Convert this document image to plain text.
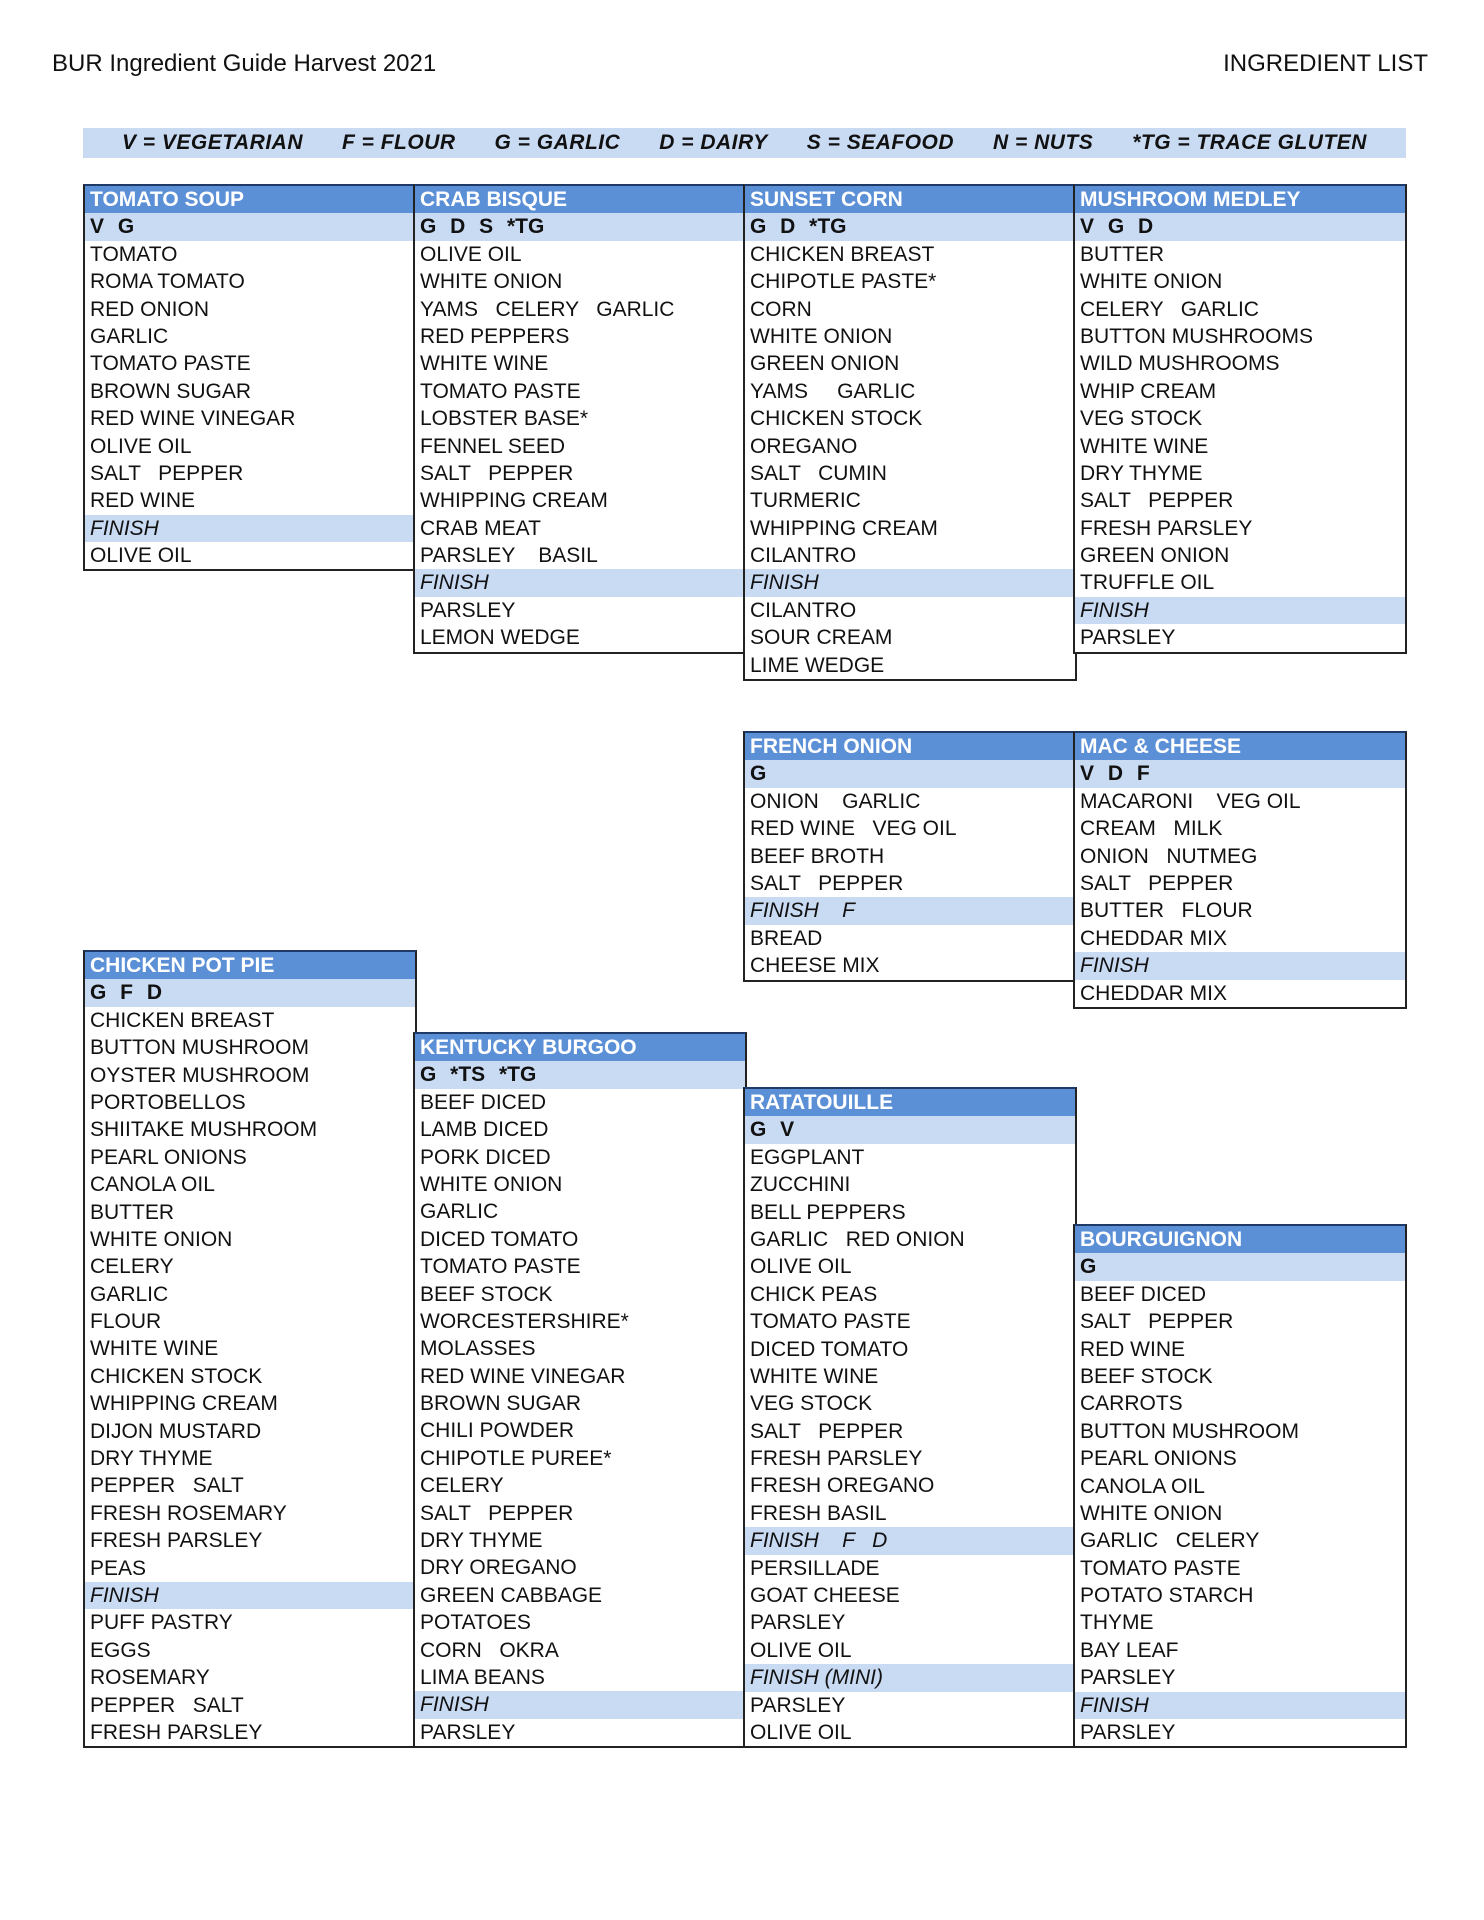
BUR Ingredient Guide Harvest 2021	INGREDIENT LIST
V = VEGETARIAN F = FLOUR G = GARLIC D = DAIRY S = SEAFOOD N = NUTS *TG = TRACE GLUTEN
TOMATO SOUP
V G
TOMATO
ROMA TOMATO
RED ONION
GARLIC
TOMATO PASTE
BROWN SUGAR
RED WINE VINEGAR
OLIVE OIL
SALT   PEPPER
RED WINE
FINISH
OLIVE OIL
CRAB BISQUE
G D S *TG
OLIVE OIL
WHITE ONION
YAMS   CELERY   GARLIC
RED PEPPERS
WHITE WINE
TOMATO PASTE
LOBSTER BASE*
FENNEL SEED
SALT   PEPPER
WHIPPING CREAM
CRAB MEAT
PARSLEY    BASIL
FINISH
PARSLEY
LEMON WEDGE
SUNSET CORN
G D *TG
CHICKEN BREAST
CHIPOTLE PASTE*
CORN
WHITE ONION
GREEN ONION
YAMS     GARLIC
CHICKEN STOCK
OREGANO
SALT   CUMIN
TURMERIC
WHIPPING CREAM
CILANTRO
FINISH
CILANTRO
SOUR CREAM
LIME WEDGE
MUSHROOM MEDLEY
V G D
BUTTER
WHITE ONION
CELERY   GARLIC
BUTTON MUSHROOMS
WILD MUSHROOMS
WHIP CREAM
VEG STOCK
WHITE WINE
DRY THYME
SALT   PEPPER
FRESH PARSLEY
GREEN ONION
TRUFFLE OIL
FINISH
PARSLEY
FRENCH ONION
G
ONION    GARLIC
RED WINE   VEG OIL
BEEF BROTH
SALT   PEPPER
FINISH    F
BREAD
CHEESE MIX
MAC & CHEESE
V D F
MACARONI    VEG OIL
CREAM   MILK
ONION   NUTMEG
SALT   PEPPER
BUTTER   FLOUR
CHEDDAR MIX
FINISH
CHEDDAR MIX
CHICKEN POT PIE
G F D
CHICKEN BREAST
BUTTON MUSHROOM
OYSTER MUSHROOM
PORTOBELLOS
SHIITAKE MUSHROOM
PEARL ONIONS
CANOLA OIL
BUTTER
WHITE ONION
CELERY
GARLIC
FLOUR
WHITE WINE
CHICKEN STOCK
WHIPPING CREAM
DIJON MUSTARD
DRY THYME
PEPPER   SALT
FRESH ROSEMARY
FRESH PARSLEY
PEAS
FINISH
PUFF PASTRY
EGGS
ROSEMARY
PEPPER   SALT
FRESH PARSLEY
KENTUCKY BURGOO
G *TS *TG
BEEF DICED
LAMB DICED
PORK DICED
WHITE ONION
GARLIC
DICED TOMATO
TOMATO PASTE
BEEF STOCK
WORCESTERSHIRE*
MOLASSES
RED WINE VINEGAR
BROWN SUGAR
CHILI POWDER
CHIPOTLE PUREE*
CELERY
SALT   PEPPER
DRY THYME
DRY OREGANO
GREEN CABBAGE
POTATOES
CORN   OKRA
LIMA BEANS
FINISH
PARSLEY
RATATOUILLE
G V
EGGPLANT
ZUCCHINI
BELL PEPPERS
GARLIC   RED ONION
OLIVE OIL
CHICK PEAS
TOMATO PASTE
DICED TOMATO
WHITE WINE
VEG STOCK
SALT   PEPPER
FRESH PARSLEY
FRESH OREGANO
FRESH BASIL
FINISH    F   D
PERSILLADE
GOAT CHEESE
PARSLEY
OLIVE OIL
FINISH (MINI)
PARSLEY
OLIVE OIL
BOURGUIGNON
G
BEEF DICED
SALT   PEPPER
RED WINE
BEEF STOCK
CARROTS
BUTTON MUSHROOM
PEARL ONIONS
CANOLA OIL
WHITE ONION
GARLIC   CELERY
TOMATO PASTE
POTATO STARCH
THYME
BAY LEAF
PARSLEY
FINISH
PARSLEY
